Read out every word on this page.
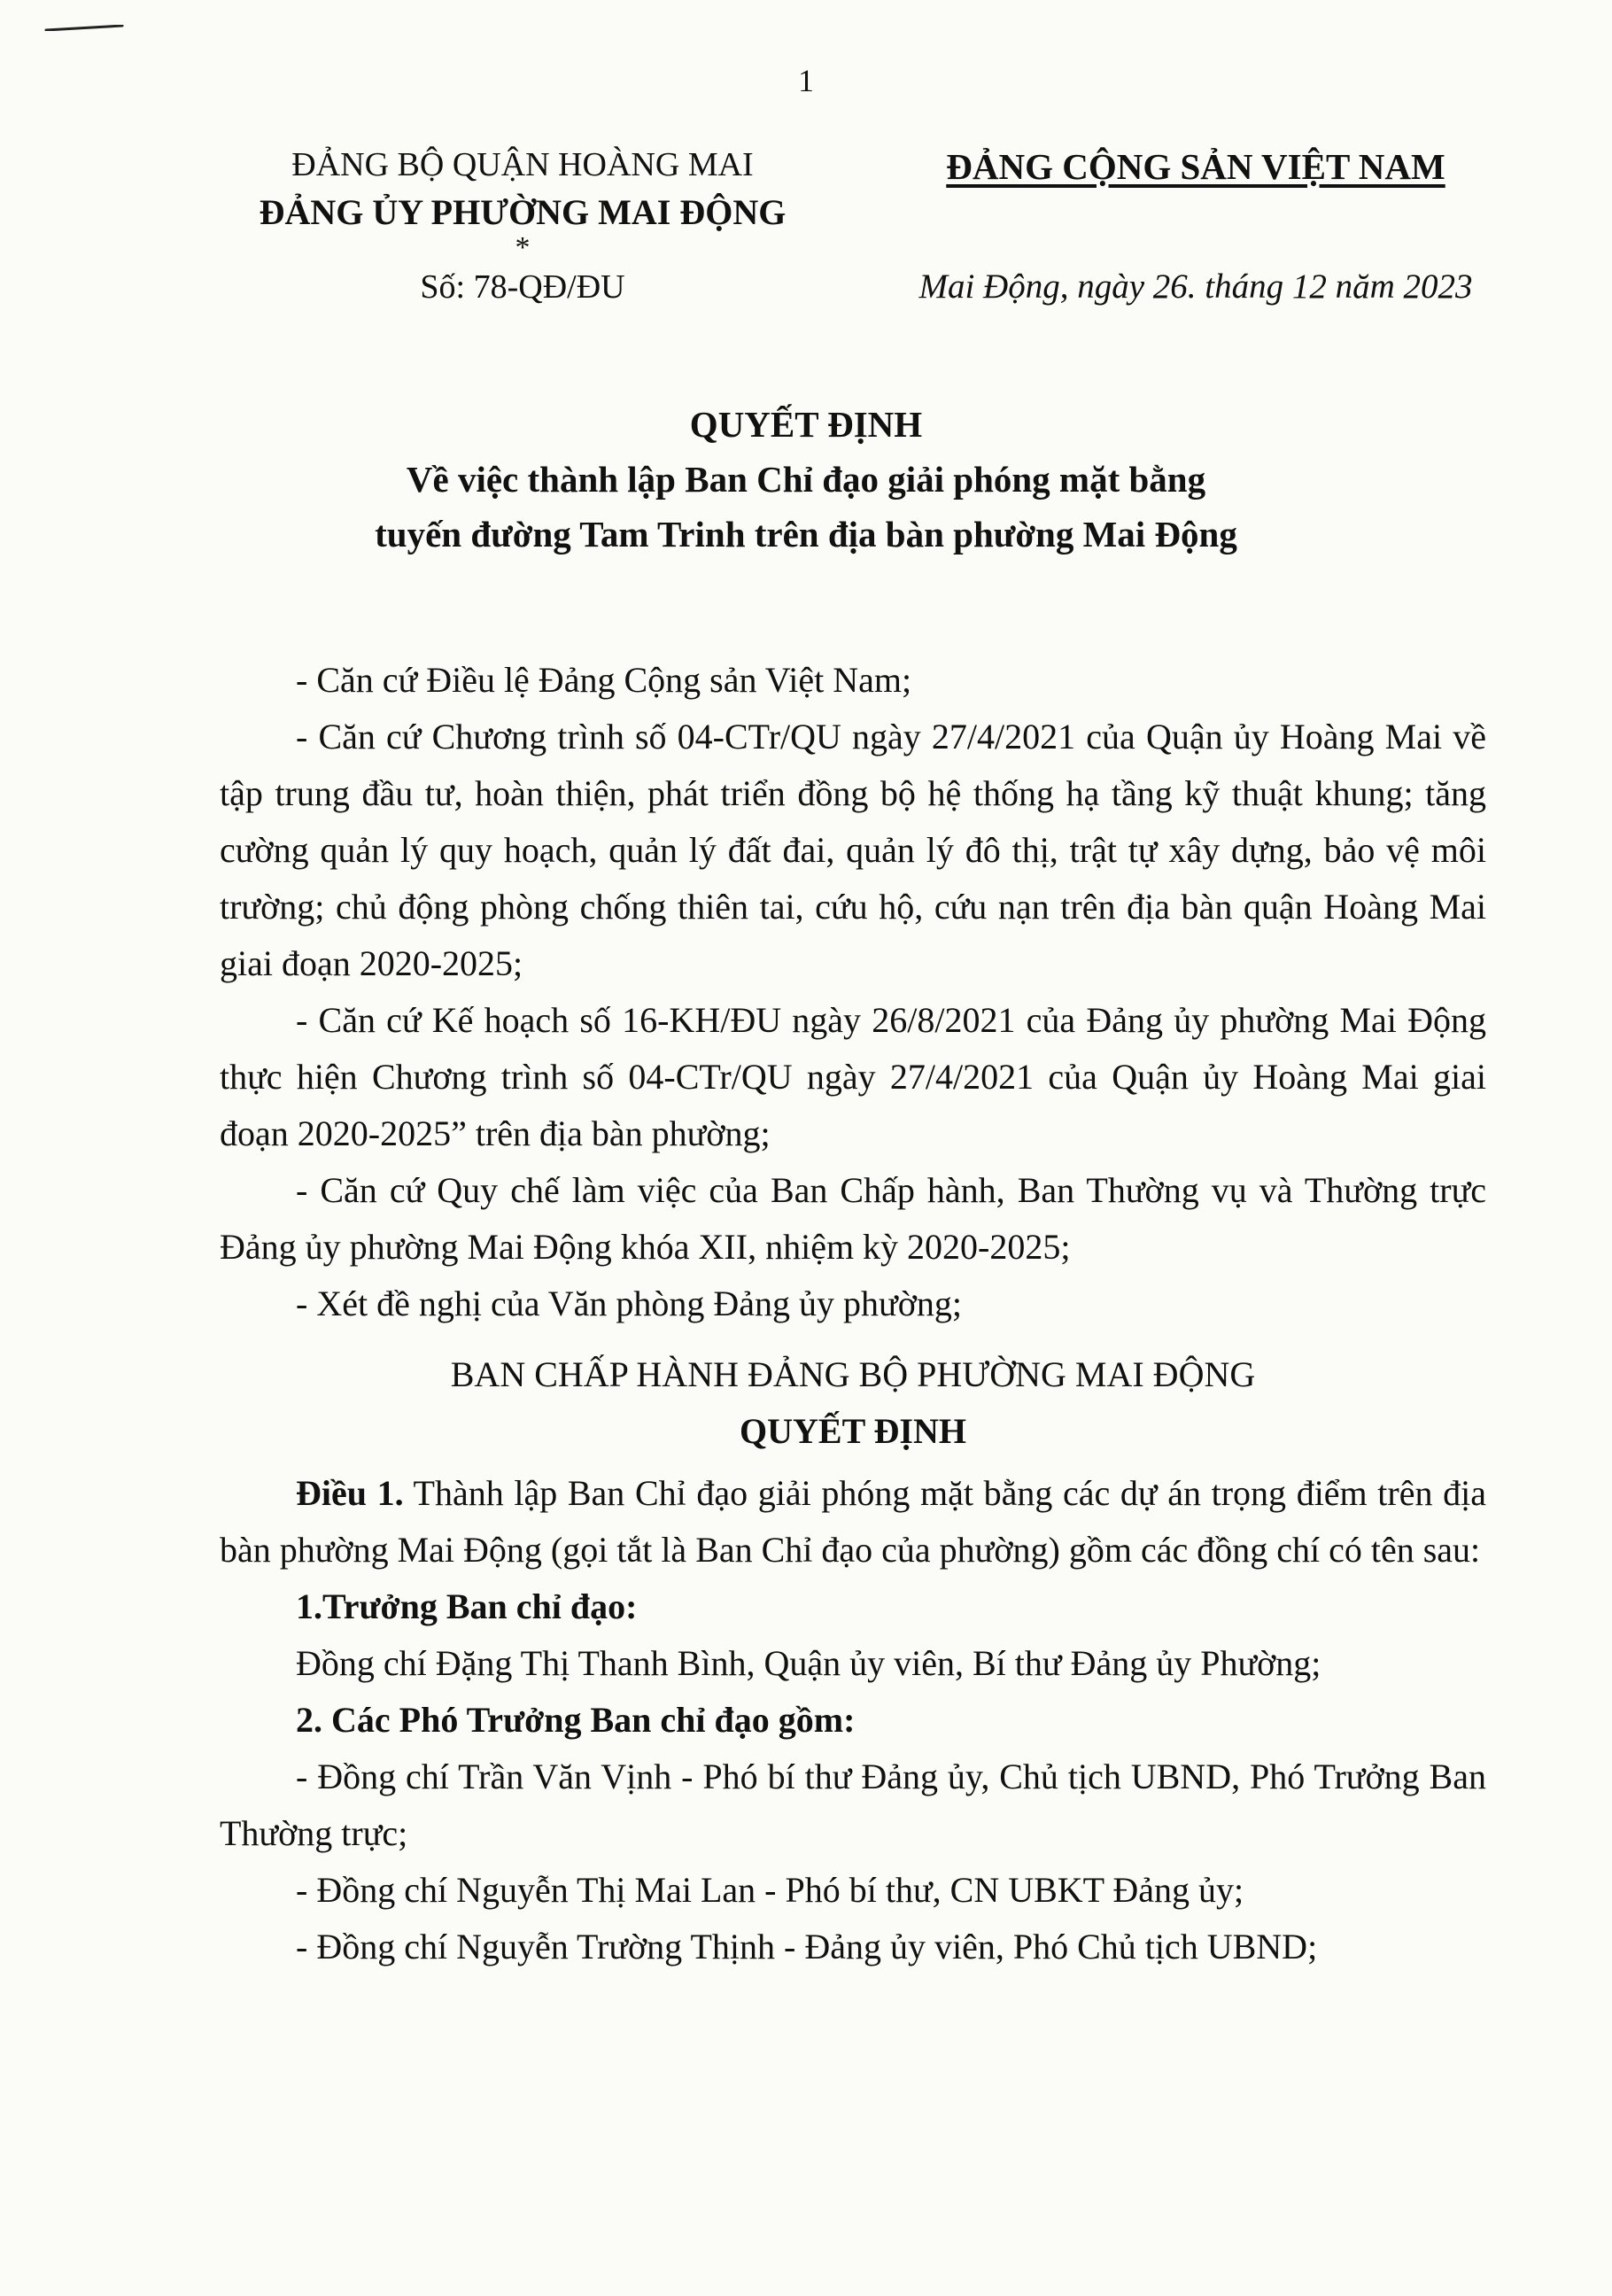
1
ĐẢNG BỘ QUẬN HOÀNG MAI
ĐẢNG ỦY PHƯỜNG MAI ĐỘNG
*
Số: 78-QĐ/ĐU
ĐẢNG CỘNG SẢN VIỆT NAM
Mai Động, ngày 26. tháng 12 năm 2023
QUYẾT ĐỊNH
Về việc thành lập Ban Chỉ đạo giải phóng mặt bằng
tuyến đường Tam Trinh trên địa bàn phường Mai Động

- Căn cứ Điều lệ Đảng Cộng sản Việt Nam;

- Căn cứ Chương trình số 04-CTr/QU ngày 27/4/2021 của Quận ủy Hoàng Mai về tập trung đầu tư, hoàn thiện, phát triển đồng bộ hệ thống hạ tầng kỹ thuật khung; tăng cường quản lý quy hoạch, quản lý đất đai, quản lý đô thị, trật tự xây dựng, bảo vệ môi trường; chủ động phòng chống thiên tai, cứu hộ, cứu nạn trên địa bàn quận Hoàng Mai giai đoạn 2020-2025;

- Căn cứ Kế hoạch số 16-KH/ĐU ngày 26/8/2021 của Đảng ủy phường Mai Động thực hiện Chương trình số 04-CTr/QU ngày 27/4/2021 của Quận ủy Hoàng Mai giai đoạn 2020-2025” trên địa bàn phường;

- Căn cứ Quy chế làm việc của Ban Chấp hành, Ban Thường vụ và Thường trực Đảng ủy phường Mai Động khóa XII, nhiệm kỳ 2020-2025;

- Xét đề nghị của Văn phòng Đảng ủy phường;

BAN CHẤP HÀNH ĐẢNG BỘ PHƯỜNG MAI ĐỘNG

QUYẾT ĐỊNH

Điều 1. Thành lập Ban Chỉ đạo giải phóng mặt bằng các dự án trọng điểm trên địa bàn phường Mai Động (gọi tắt là Ban Chỉ đạo của phường) gồm các đồng chí có tên sau:

1.Trưởng Ban chỉ đạo:

Đồng chí Đặng Thị Thanh Bình, Quận ủy viên, Bí thư Đảng ủy Phường;

2. Các Phó Trưởng Ban chỉ đạo gồm:

- Đồng chí Trần Văn Vịnh - Phó bí thư Đảng ủy, Chủ tịch UBND, Phó Trưởng Ban Thường trực;

- Đồng chí Nguyễn Thị Mai Lan - Phó bí thư, CN UBKT Đảng ủy;

- Đồng chí Nguyễn Trường Thịnh - Đảng ủy viên, Phó Chủ tịch UBND;
